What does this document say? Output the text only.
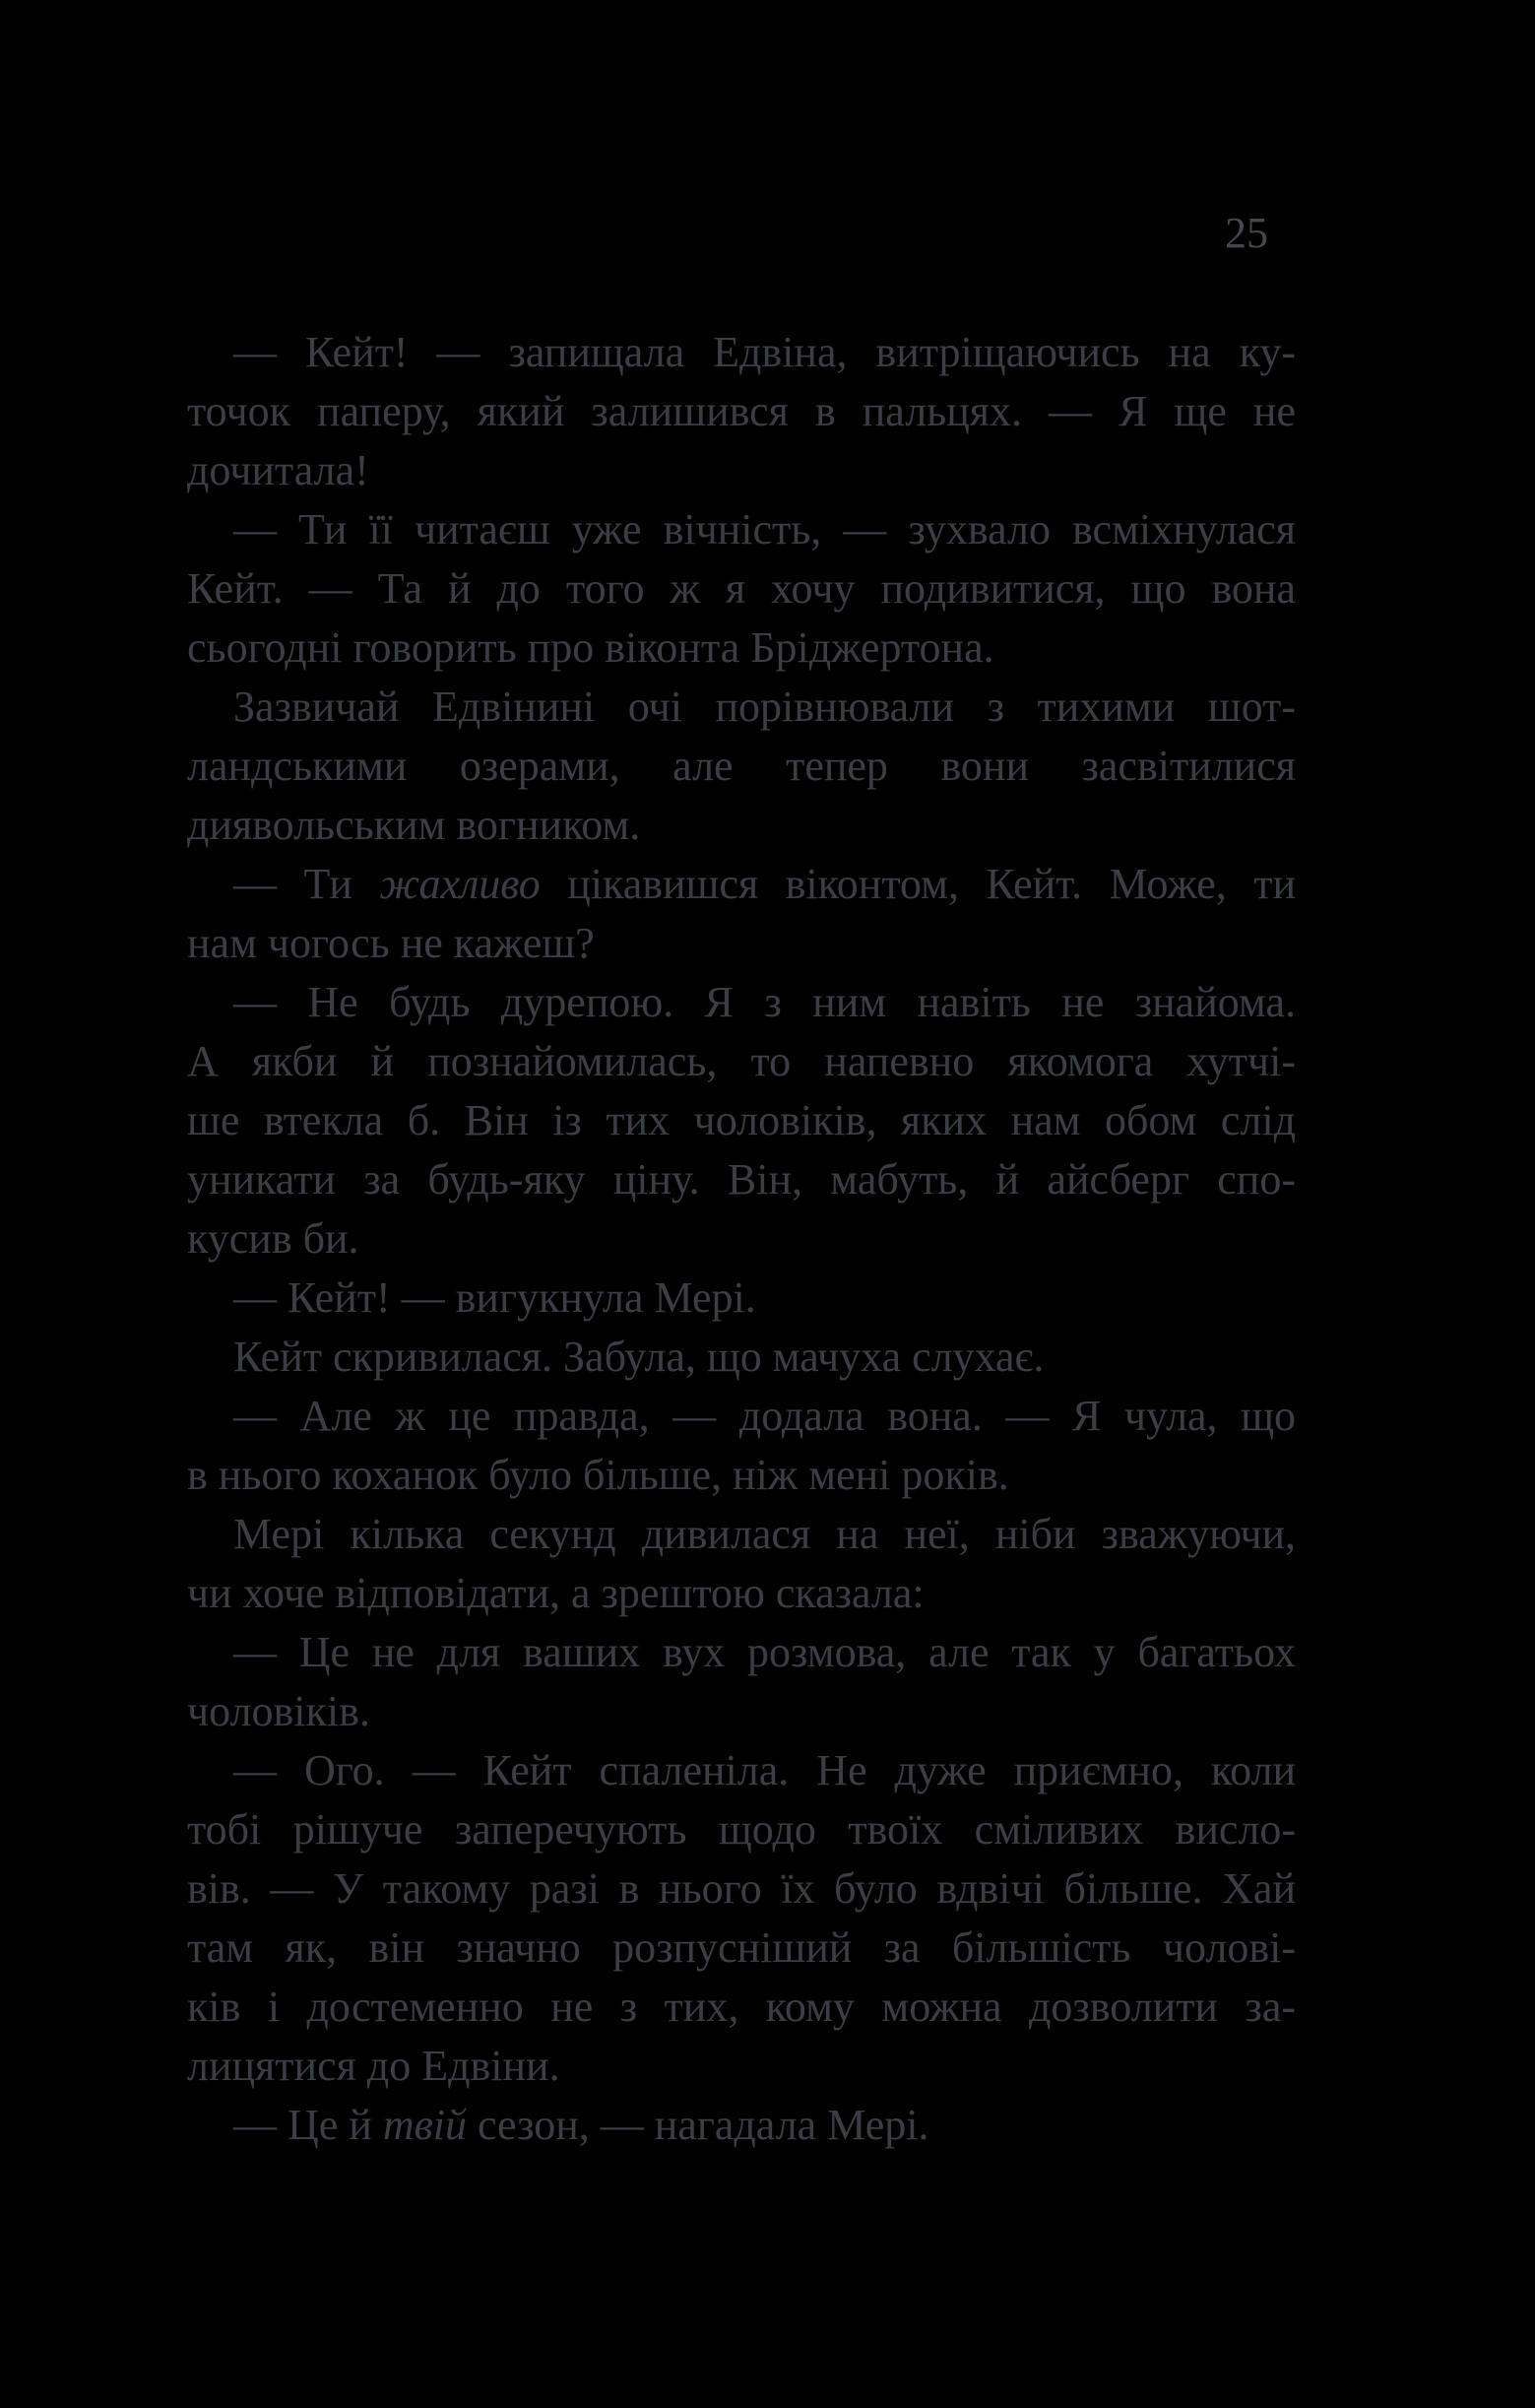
25
— Кейт! — запищала Едвіна, витріщаючись на ку-
точок паперу, який залишився в пальцях. — Я ще не
дочитала!
— Ти її читаєш уже вічність, — зухвало всміхнулася
Кейт. — Та й до того ж я хочу подивитися, що вона
сьогодні говорить про віконта Бріджертона.
Зазвичай Едвінині очі порівнювали з тихими шот-
ландськими озерами, але тепер вони засвітилися
диявольським вогником.
— Ти жахливо цікавишся віконтом, Кейт. Може, ти
нам чогось не кажеш?
— Не будь дурепою. Я з ним навіть не знайома.
А якби й познайомилась, то напевно якомога хутчі-
ше втекла б. Він із тих чоловіків, яких нам обом слід
уникати за будь-яку ціну. Він, мабуть, й айсберг спо-
кусив би.
— Кейт! — вигукнула Мері.
Кейт скривилася. Забула, що мачуха слухає.
— Але ж це правда, — додала вона. — Я чула, що
в нього коханок було більше, ніж мені років.
Мері кілька секунд дивилася на неї, ніби зважуючи,
чи хоче відповідати, а зрештою сказала:
— Це не для ваших вух розмова, але так у багатьох
чоловіків.
— Ого. — Кейт спаленіла. Не дуже приємно, коли
тобі рішуче заперечують щодо твоїх сміливих висло-
вів. — У такому разі в нього їх було вдвічі більше. Хай
там як, він значно розпусніший за більшість чолові-
ків і достеменно не з тих, кому можна дозволити за-
лицятися до Едвіни.
— Це й твій сезон, — нагадала Мері.
